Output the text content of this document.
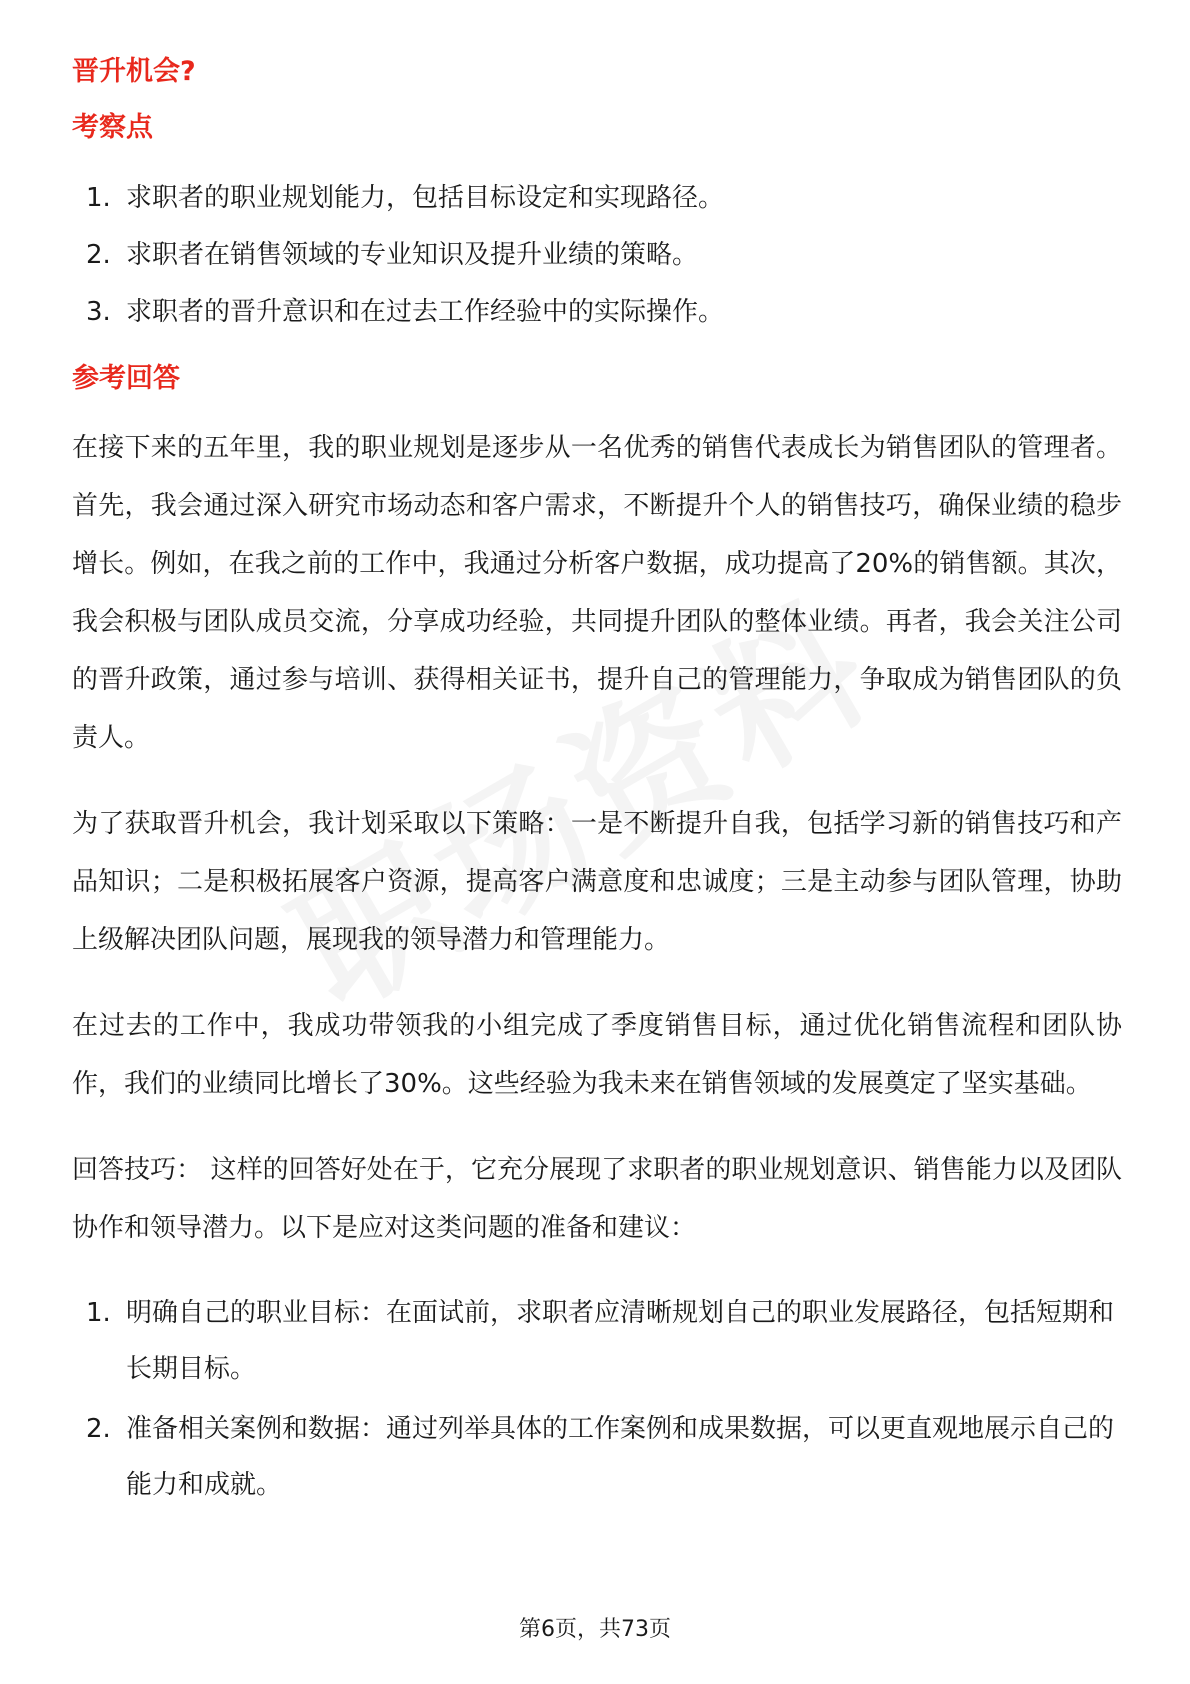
晋升机会?
考察点
1. 求职者的职业规划能力，包括目标设定和实现路径。
2. 求职者在销售领域的专业知识及提升业绩的策略。
3. 求职者的晋升意识和在过去工作经验中的实际操作。
参考回答

在接下来的五年里，我的职业规划是逐步从一名优秀的销售代表成长为销售团队的管理者。首先，我会通过深入研究市场动态和客户需求，不断提升个人的销售技巧，确保业绩的稳步增长。例如，在我之前的工作中，我通过分析客户数据，成功提高了20%的销售额。其次，我会积极与团队成员交流，分享成功经验，共同提升团队的整体业绩。再者，我会关注公司的晋升政策，通过参与培训、获得相关证书，提升自己的管理能力，争取成为销售团队的负责人。

为了获取晋升机会，我计划采取以下策略：一是不断提升自我，包括学习新的销售技巧和产品知识；二是积极拓展客户资源，提高客户满意度和忠诚度；三是主动参与团队管理，协助上级解决团队问题，展现我的领导潜力和管理能力。

在过去的工作中，我成功带领我的小组完成了季度销售目标，通过优化销售流程和团队协作，我们的业绩同比增长了30%。这些经验为我未来在销售领域的发展奠定了坚实基础。

回答技巧： 这样的回答好处在于，它充分展现了求职者的职业规划意识、销售能力以及团队协作和领导潜力。以下是应对这类问题的准备和建议：

1. 明确自己的职业目标：在面试前，求职者应清晰规划自己的职业发展路径，包括短期和长期目标。
2. 准备相关案例和数据：通过列举具体的工作案例和成果数据，可以更直观地展示自己的能力和成就。
第6页，共73页
